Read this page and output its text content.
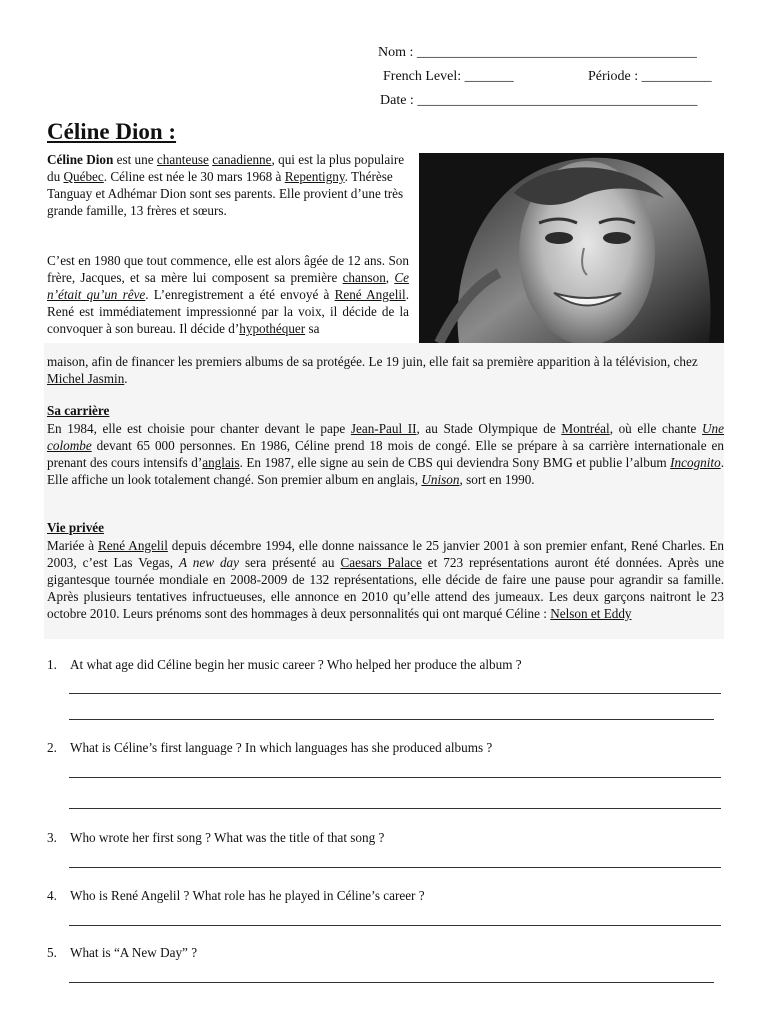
Nom : ________________________________________
French Level: _______	Période : __________
Date : ________________________________________
Céline Dion :

Céline Dion est une chanteuse canadienne, qui est la plus populaire du Québec. Céline est née le 30 mars 1968 à Repentigny. Thérèse Tanguay et Adhémar Dion sont ses parents. Elle provient d’une très grande famille, 13 frères et sœurs.

C’est en 1980 que tout commence, elle est alors âgée de 12 ans. Son frère, Jacques, et sa mère lui composent sa première chanson, Ce n’était qu’un rêve. L’enregistrement a été envoyé à René Angelil. René est immédiatement impressionné par la voix, il décide de la convoquer à son bureau. Il décide d’hypothéquer sa

maison, afin de financer les premiers albums de sa protégée. Le 19 juin, elle fait sa première apparition à la télévision, chez Michel Jasmin.

Sa carrière

En 1984, elle est choisie pour chanter devant le pape Jean-Paul II, au Stade Olympique de Montréal, où elle chante Une colombe devant 65 000 personnes. En 1986, Céline prend 18 mois de congé. Elle se prépare à sa carrière internationale en prenant des cours intensifs d’anglais. En 1987, elle signe au sein de CBS qui deviendra Sony BMG et publie l’album Incognito. Elle affiche un look totalement changé. Son premier album en anglais, Unison, sort en 1990.

Vie privée

Mariée à René Angelil depuis décembre 1994, elle donne naissance le 25 janvier 2001 à son premier enfant, René Charles. En 2003, c’est Las Vegas, A new day sera présenté au Caesars Palace et 723 représentations auront été données. Après une gigantesque tournée mondiale en 2008-2009 de 132 représentations, elle décide de faire une pause pour agrandir sa famille. Après plusieurs tentatives infructueuses, elle annonce en 2010 qu’elle attend des jumeaux. Les deux garçons naitront le 23 octobre 2010. Leurs prénoms sont des hommages à deux personnalités qui ont marqué Céline : Nelson et Eddy

1. At what age did Céline begin her music career ? Who helped her produce the album ?
2. What is Céline’s first language ? In which languages has she produced albums ?
3. Who wrote her first song ? What was the title of that song ?
4. Who is René Angelil ? What role has he played in Céline’s career ?
5. What is “A New Day” ?
